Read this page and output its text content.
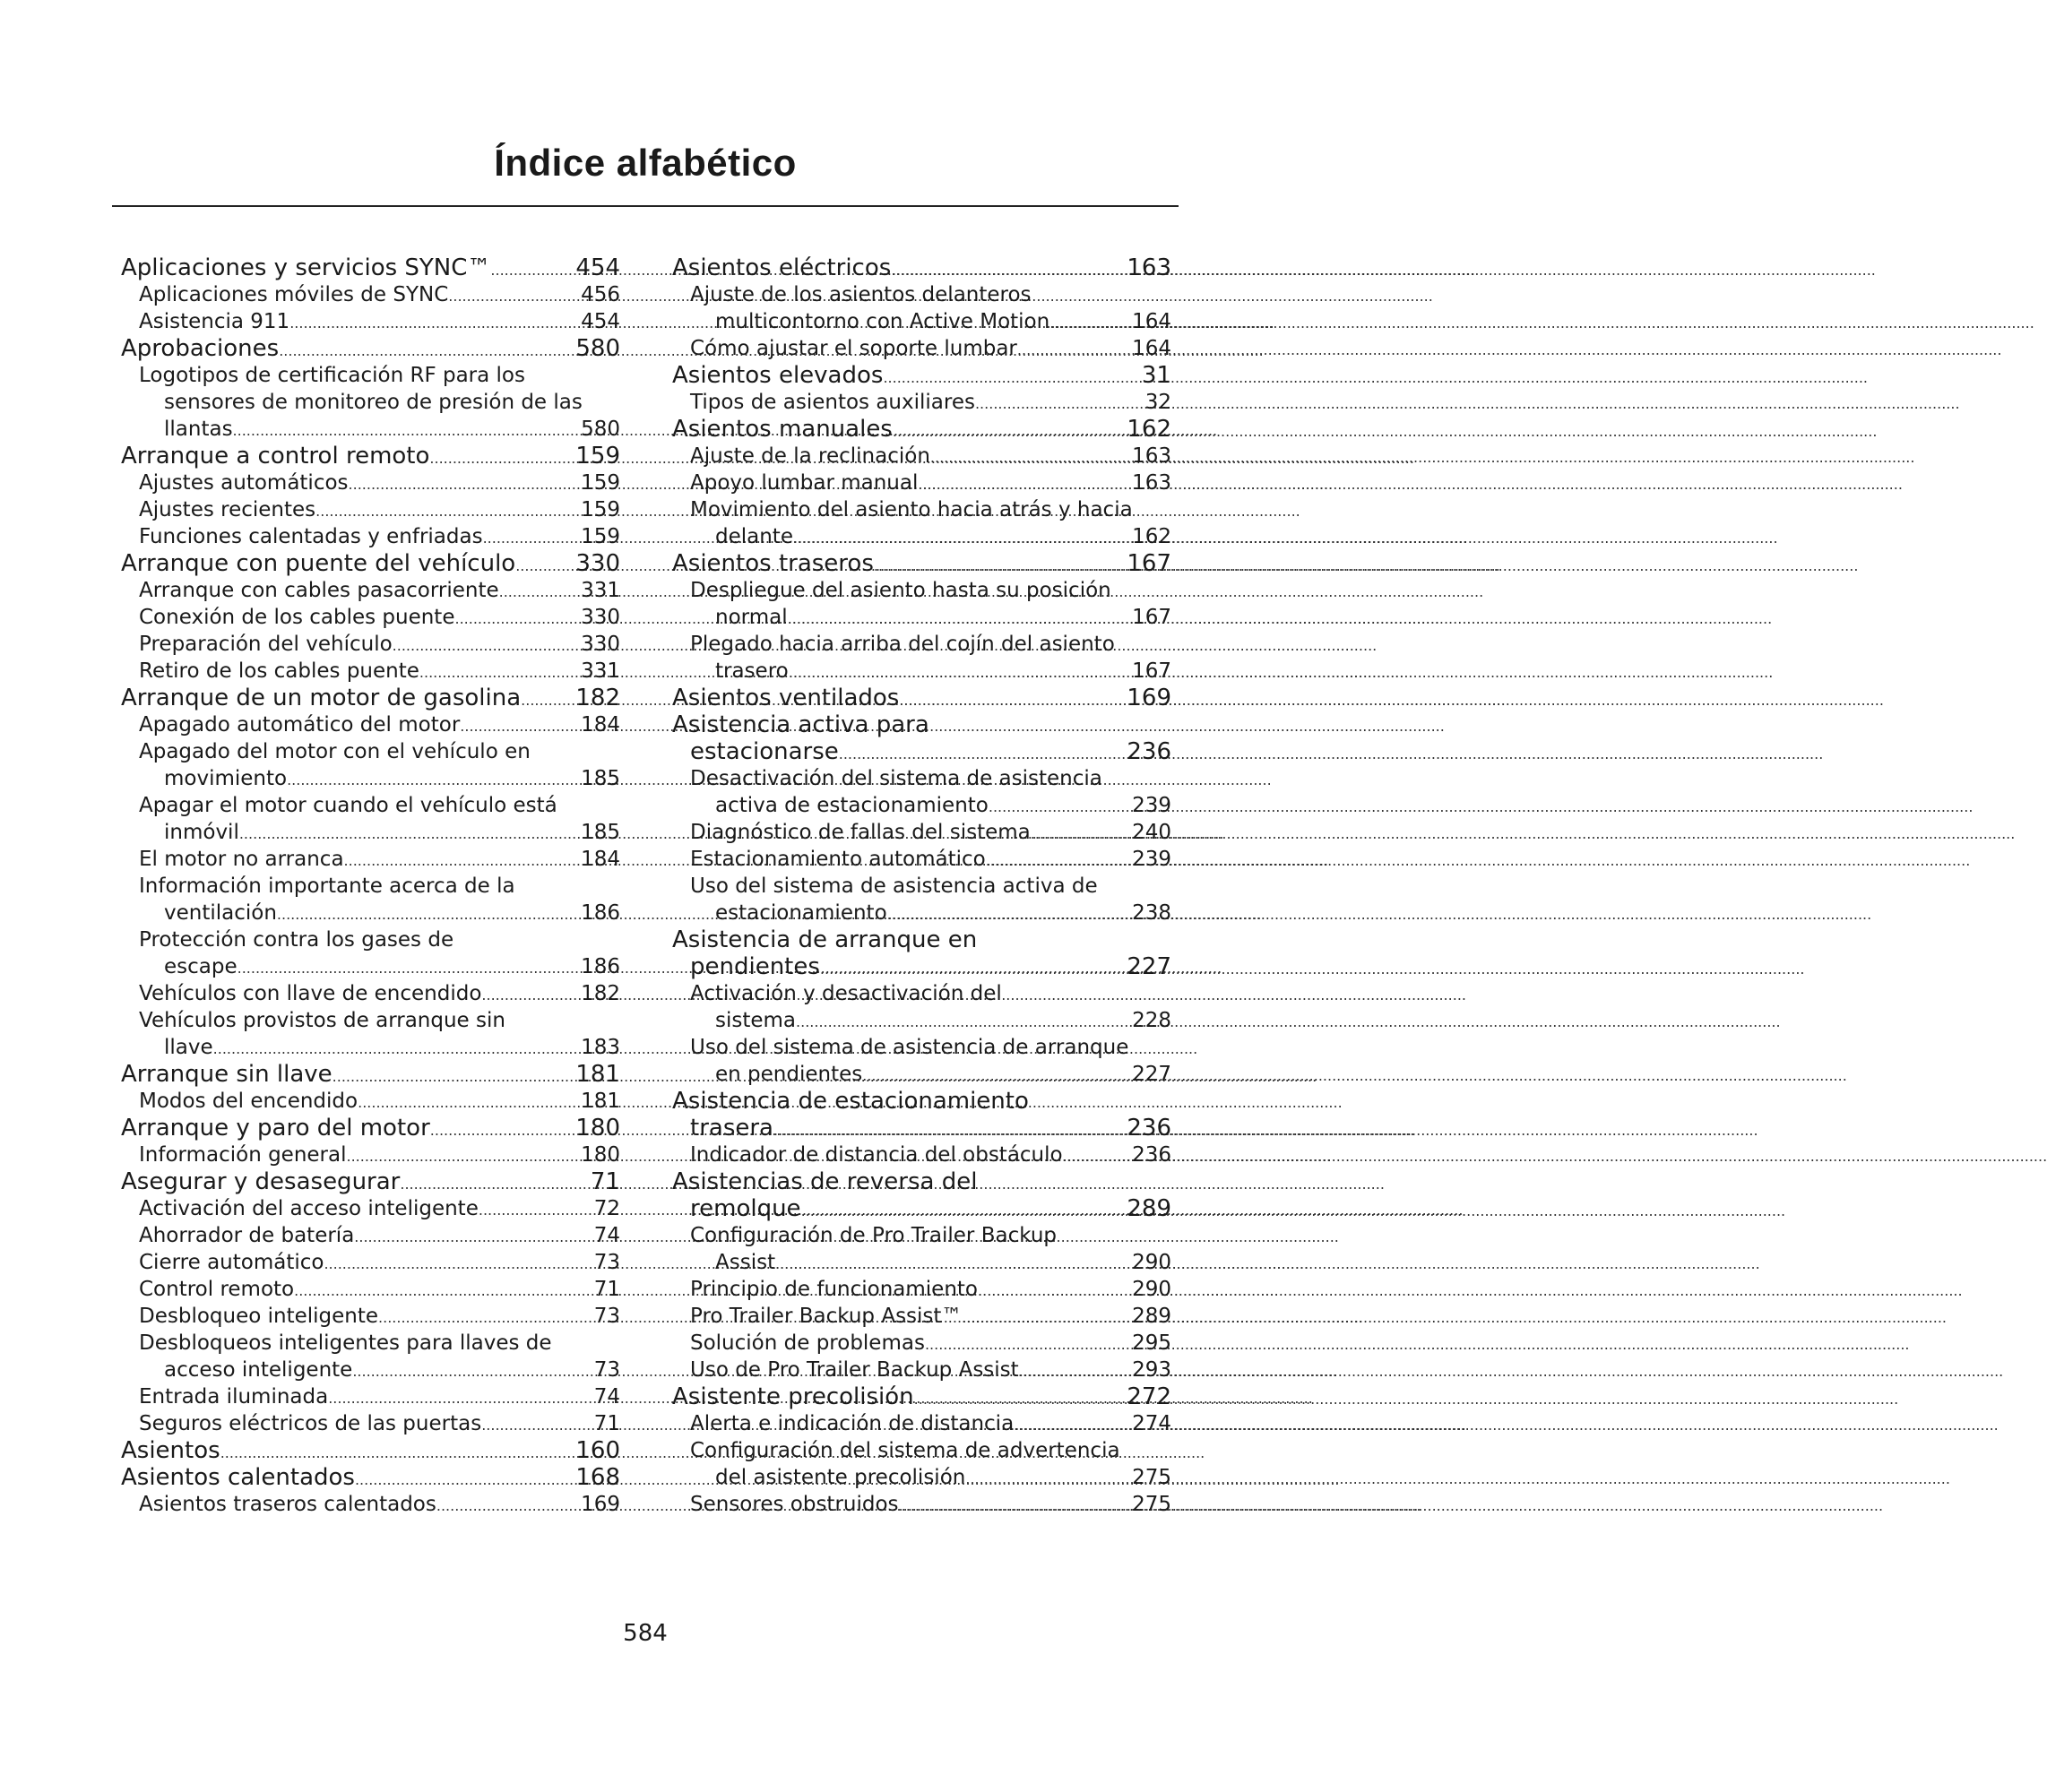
Índice alfabético
Aplicaciones y servicios SYNC™ .....	454
Aplicaciones móviles de SYNC .....	456
Asistencia 911 .....	454
Aprobaciones .....	580
Logotipos de certificación RF para los
sensores de monitoreo de presión de las
llantas .....	580
Arranque a control remoto .....	159
Ajustes automáticos .....	159
Ajustes recientes .....	159
Funciones calentadas y enfriadas .....	159
Arranque con puente del vehículo .....	330
Arranque con cables pasacorriente .....	331
Conexión de los cables puente .....	330
Preparación del vehículo .....	330
Retiro de los cables puente .....	331
Arranque de un motor de gasolina ..... 182
Apagado automático del motor .....	184
Apagado del motor con el vehículo en
movimiento .....	185
Apagar el motor cuando el vehículo está
inmóvil .....	185
El motor no arranca .....	184
Información importante acerca de la
ventilación .....	186
Protección contra los gases de
escape .....	186
Vehículos con llave de encendido .....	182
Vehículos provistos de arranque sin
llave .....	183
Arranque sin llave .....	181
Modos del encendido .....	181
Arranque y paro del motor .....	180
Información general .....	180
Asegurar y desasegurar .....	71
Activación del acceso inteligente .....	72
Ahorrador de batería .....	74
Cierre automático .....	73
Control remoto .....	71
Desbloqueo inteligente .....	73
Desbloqueos inteligentes para llaves de
acceso inteligente .....	73
Entrada iluminada .....	74
Seguros eléctricos de las puertas .....	71
Asientos .....	160
Asientos calentados .....	168
Asientos traseros calentados .....	169
Asientos eléctricos .....	163
Ajuste de los asientos delanteros
multicontorno con Active Motion .....	164
Cómo ajustar el soporte lumbar .....	164
Asientos elevados .....	31
Tipos de asientos auxiliares .....	32
Asientos manuales .....	162
Ajuste de la reclinación .....	163
Apoyo lumbar manual .....	163
Movimiento del asiento hacia atrás y hacia
delante .....	162
Asientos traseros .....	167
Despliegue del asiento hasta su posición
normal .....	167
Plegado hacia arriba del cojín del asiento
trasero .....	167
Asientos ventilados .....	169
Asistencia activa para
estacionarse .....	236
Desactivación del sistema de asistencia
activa de estacionamiento .....	239
Diagnóstico de fallas del sistema .....	240
Estacionamiento automático .....	239
Uso del sistema de asistencia activa de
estacionamiento .....	238
Asistencia de arranque en
pendientes .....	227
Activación y desactivación del
sistema .....	228
Uso del sistema de asistencia de arranque
en pendientes .....	227
Asistencia de estacionamiento
trasera .....	236
Indicador de distancia del obstáculo .....	236
Asistencias de reversa del
remolque .....	289
Configuración de Pro Trailer Backup
Assist .....	290
Principio de funcionamiento .....	290
Pro Trailer Backup Assist™ .....	289
Solución de problemas .....	295
Uso de Pro Trailer Backup Assist .....	293
Asistente precolisión .....	272
Alerta e indicación de distancia .....	274
Configuración del sistema de advertencia
del asistente precolisión .....	275
Sensores obstruidos .....	275
584
